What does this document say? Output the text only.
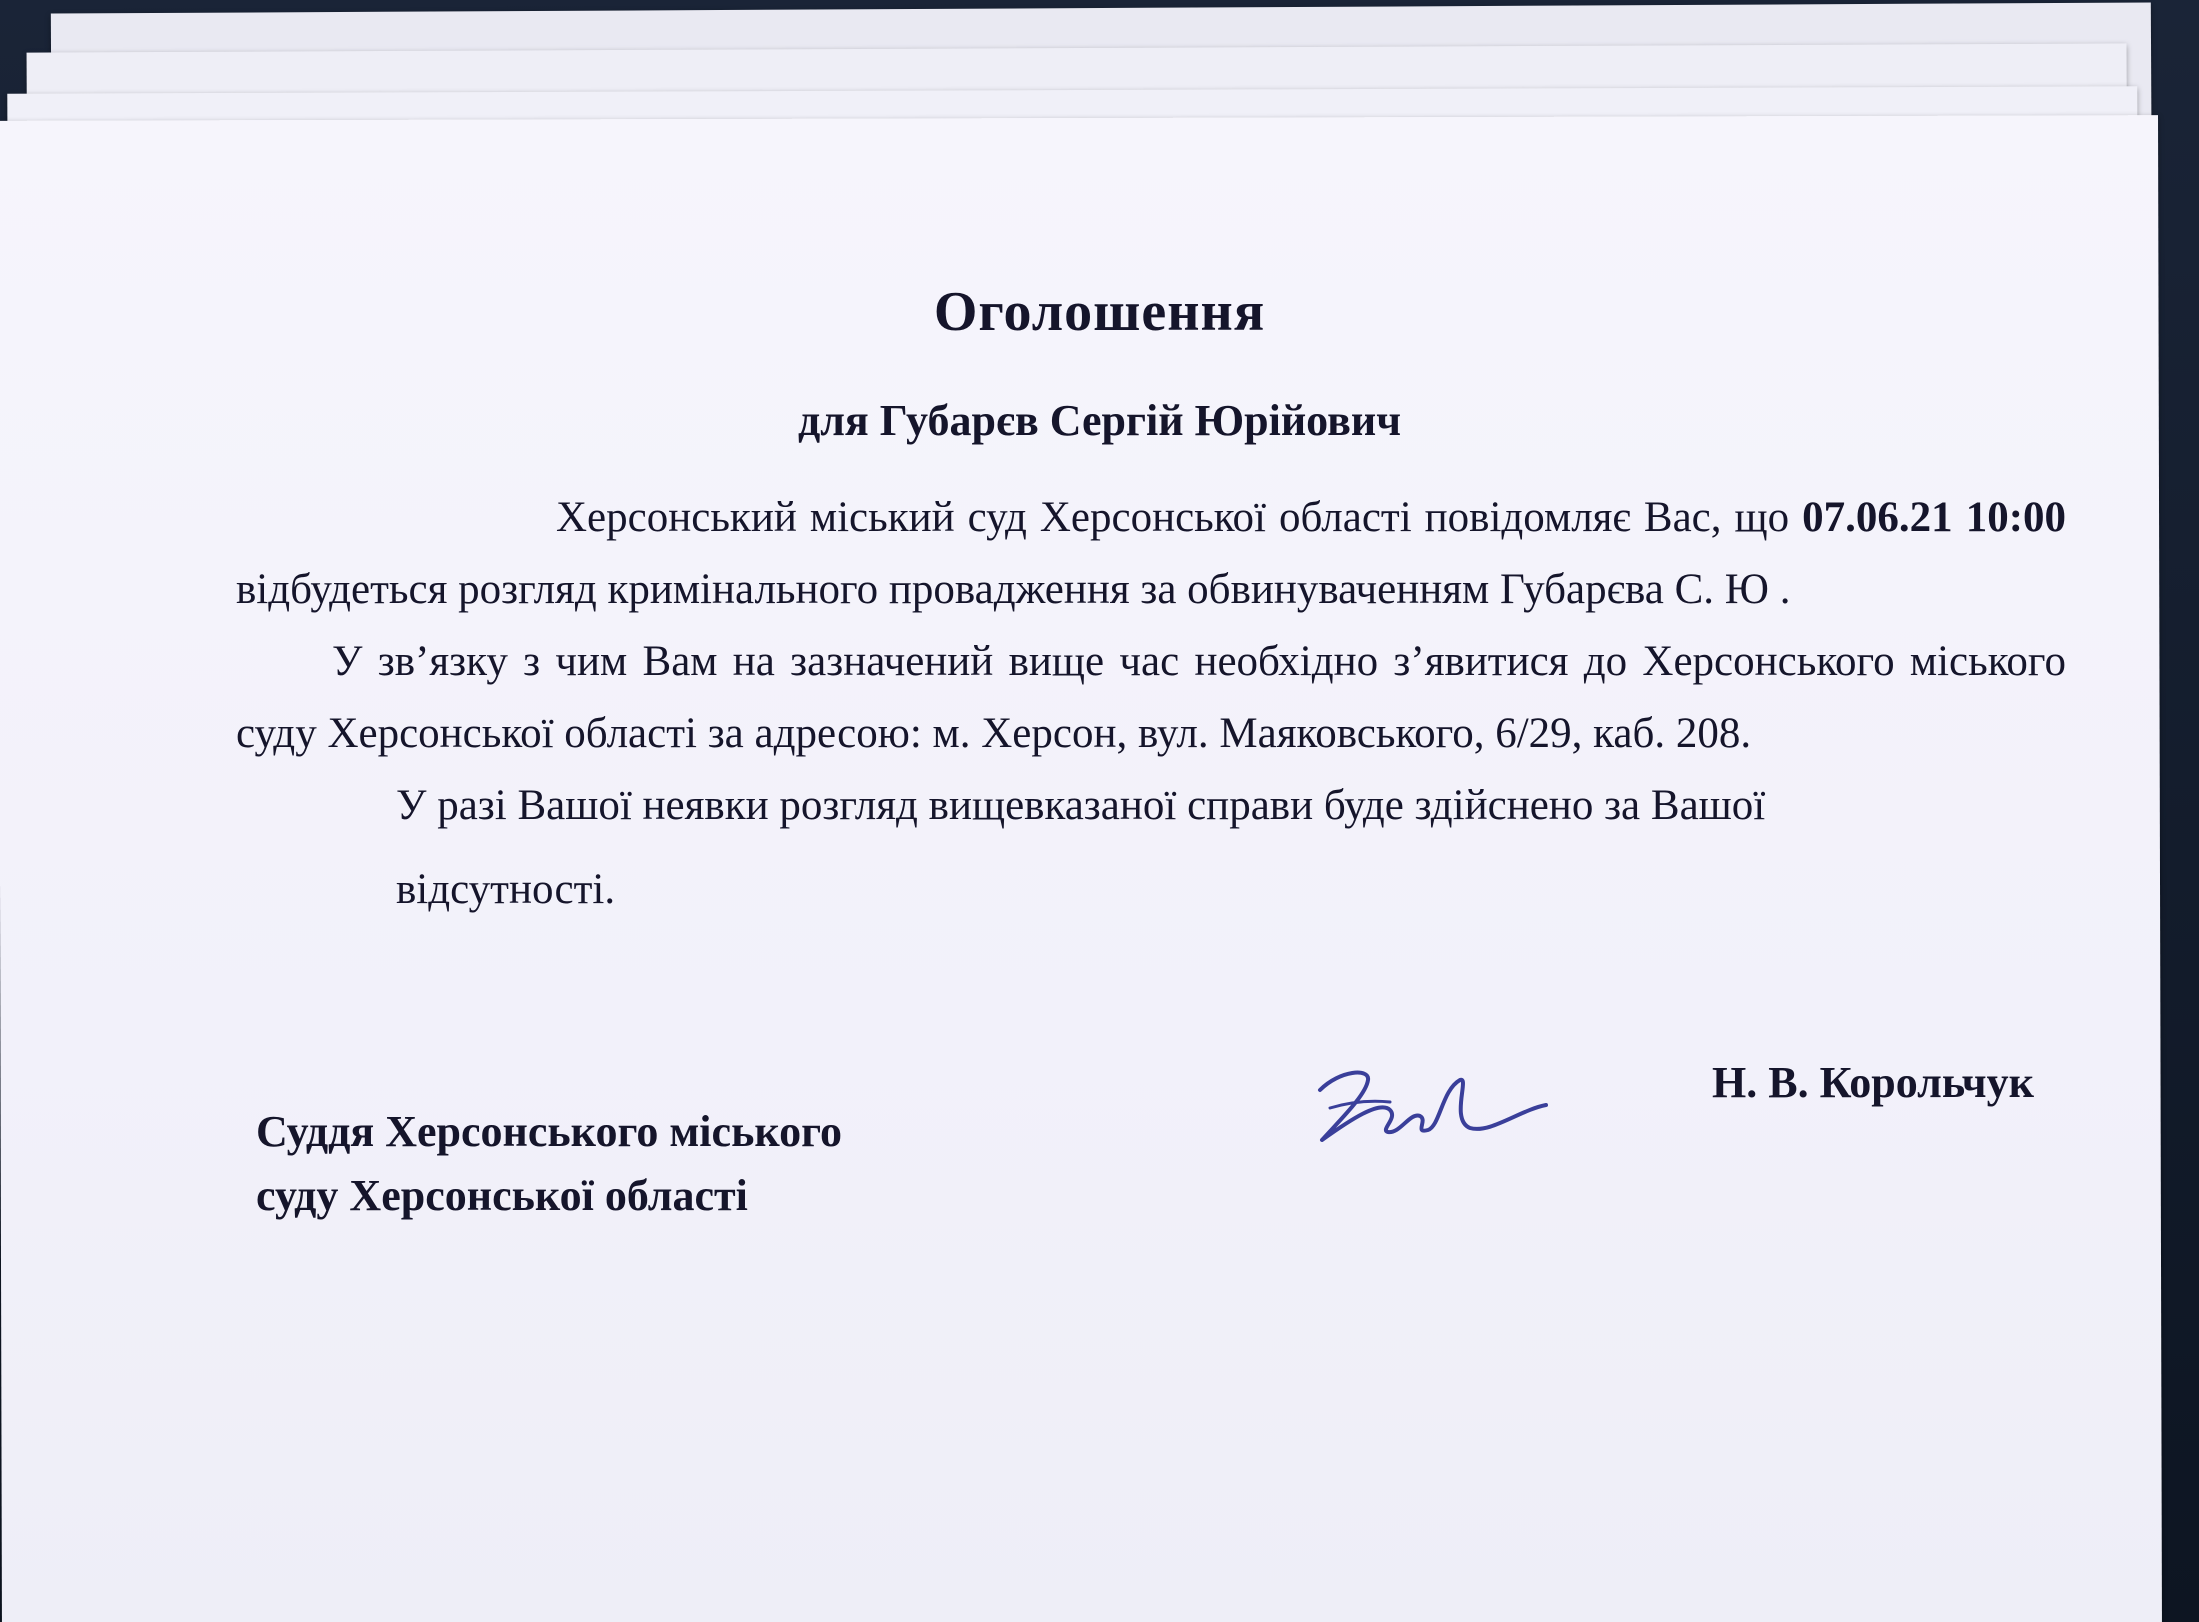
Оголошення
для Губарєв Сергій Юрійович

Херсонський міський суд Херсонської області повідомляє Вас, що 07.06.21 10:00 відбудеться розгляд кримінального провадження за обвинуваченням Губарєва С. Ю .

У зв’язку з чим Вам на зазначений вище час необхідно з’явитися до Херсонського міського суду Херсонської області за адресою: м. Херсон, вул. Маяковського, 6/29, каб. 208.

У разі Вашої неявки розгляд вищевказаної справи буде здійснено за Вашої
відсутності.

Суддя Херсонського міського
суду Херсонської області
Н. В. Корольчук
